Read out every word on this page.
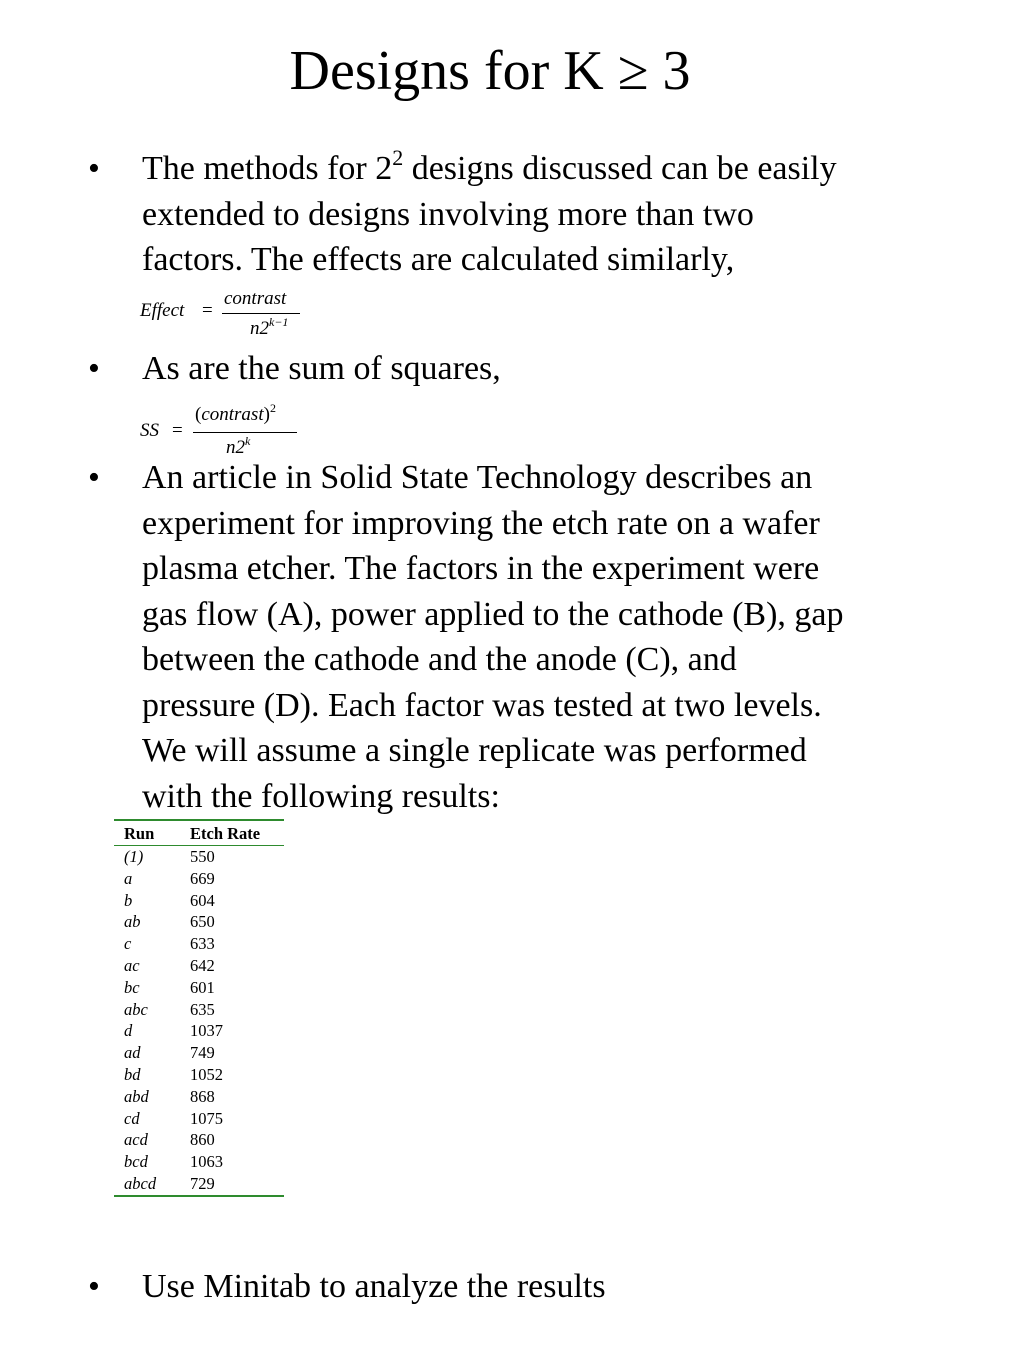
Designs for K ≥ 3
• The methods for $2^2$ designs discussed can be easily
extended to designs involving more than two
factors. The effects are calculated similarly,
Effect =
contrast
$n2^{k-1}$
• As are the sum of squares,
SS =
(contrast)$^2$
n2$^k$
• An article in Solid State Technology describes an
experiment for improving the etch rate on a wafer
plasma etcher. The factors in the experiment were
gas flow (A), power applied to the cathode (B), gap
between the cathode and the anode (C), and
pressure (D). Each factor was tested at two levels.
We will assume a single replicate was performed
with the following results:
Run	Etch Rate
(1)	550
a	669
b	604
ab	650
c	633
ac	642
bc	601
abc	635
d	1037
ad	749
bd	1052
abd	868
cd	1075
acd	860
bcd	1063
abcd	729
• Use Minitab to analyze the results
